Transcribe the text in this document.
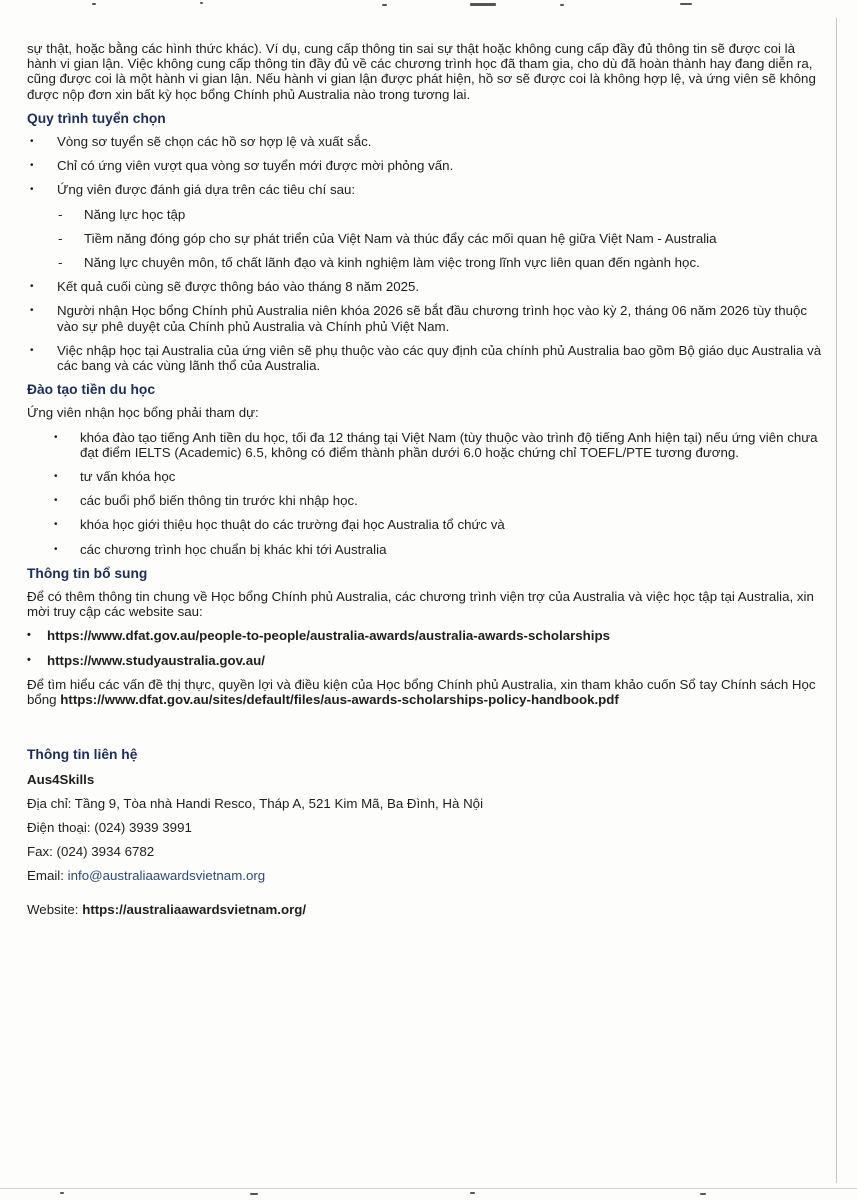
sự thật, hoặc bằng các hình thức khác). Ví dụ, cung cấp thông tin sai sự thật hoặc không cung cấp đầy đủ thông tin sẽ được coi là hành vi gian lận. Việc không cung cấp thông tin đầy đủ về các chương trình học đã tham gia, cho dù đã hoàn thành hay đang diễn ra, cũng được coi là một hành vi gian lận. Nếu hành vi gian lận được phát hiện, hồ sơ sẽ được coi là không hợp lệ, và ứng viên sẽ không được nộp đơn xin bất kỳ học bổng Chính phủ Australia nào trong tương lai.

Quy trình tuyển chọn
• Vòng sơ tuyển sẽ chọn các hồ sơ hợp lệ và xuất sắc.
• Chỉ có ứng viên vượt qua vòng sơ tuyển mới được mời phỏng vấn.
• Ứng viên được đánh giá dựa trên các tiêu chí sau:
- Năng lực học tập
- Tiềm năng đóng góp cho sự phát triển của Việt Nam và thúc đẩy các mối quan hệ giữa Việt Nam - Australia
- Năng lực chuyên môn, tố chất lãnh đạo và kinh nghiệm làm việc trong lĩnh vực liên quan đến ngành học.
• Kết quả cuối cùng sẽ được thông báo vào tháng 8 năm 2025.
• Người nhận Học bổng Chính phủ Australia niên khóa 2026 sẽ bắt đầu chương trình học vào kỳ 2, tháng 06 năm 2026 tùy thuộc vào sự phê duyệt của Chính phủ Australia và Chính phủ Việt Nam.
• Việc nhập học tại Australia của ứng viên sẽ phụ thuộc vào các quy định của chính phủ Australia bao gồm Bộ giáo dục Australia và các bang và các vùng lãnh thổ của Australia.
Đào tạo tiền du học

Ứng viên nhận học bổng phải tham dự:

• khóa đào tạo tiếng Anh tiền du học, tối đa 12 tháng tại Việt Nam (tùy thuộc vào trình độ tiếng Anh hiện tại) nếu ứng viên chưa đạt điểm IELTS (Academic) 6.5, không có điểm thành phần dưới 6.0 hoặc chứng chỉ TOEFL/PTE tương đương.
• tư vấn khóa học
• các buổi phổ biến thông tin trước khi nhập học.
• khóa học giới thiệu học thuật do các trường đại học Australia tổ chức và
• các chương trình học chuẩn bị khác khi tới Australia
Thông tin bổ sung

Để có thêm thông tin chung về Học bổng Chính phủ Australia, các chương trình viện trợ của Australia và việc học tập tại Australia, xin mời truy cập các website sau:

• https://www.dfat.gov.au/people-to-people/australia-awards/australia-awards-scholarships
• https://www.studyaustralia.gov.au/

Để tìm hiểu các vấn đề thị thực, quyền lợi và điều kiện của Học bổng Chính phủ Australia, xin tham khảo cuốn Sổ tay Chính sách Học bổng https://www.dfat.gov.au/sites/default/files/aus-awards-scholarships-policy-handbook.pdf

Thông tin liên hệ
Aus4Skills
Địa chỉ: Tầng 9, Tòa nhà Handi Resco, Tháp A, 521 Kim Mã, Ba Đình, Hà Nội
Điện thoại: (024) 3939 3991
Fax: (024) 3934 6782
Email: info@australiaawardsvietnam.org
Website: https://australiaawardsvietnam.org/
